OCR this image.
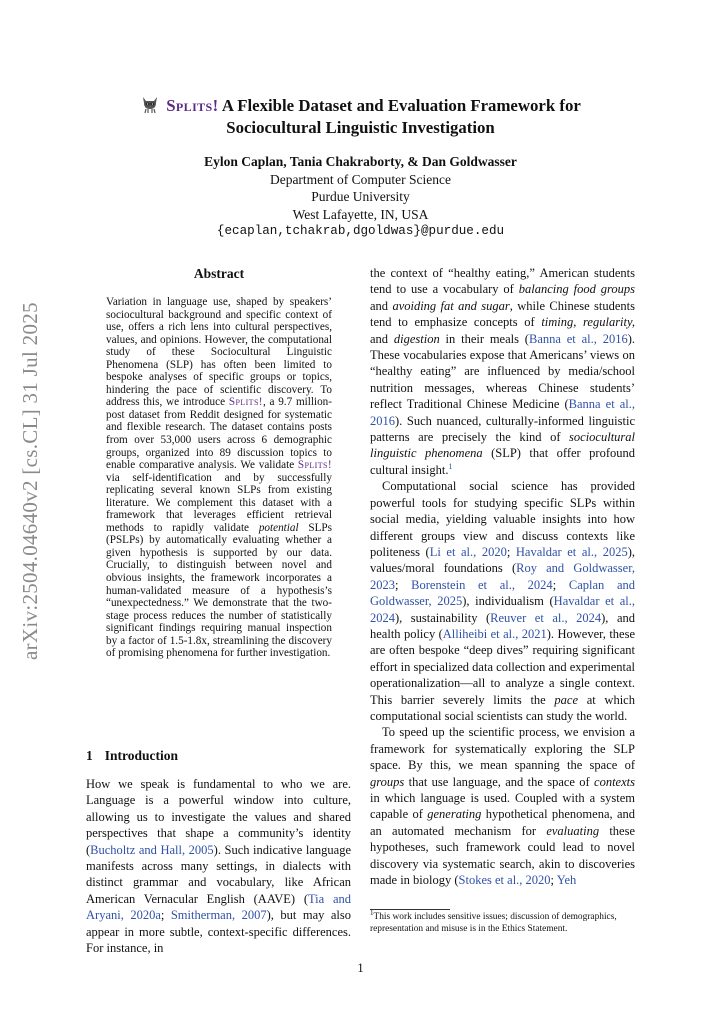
arXiv:2504.04640v2 [cs.CL] 31 Jul 2025
Splits! A Flexible Dataset and Evaluation Framework for
Sociocultural Linguistic Investigation
Eylon Caplan, Tania Chakraborty, & Dan Goldwasser
Department of Computer Science
Purdue University
West Lafayette, IN, USA
{ecaplan,tchakrab,dgoldwas}@purdue.edu
Abstract
Variation in language use, shaped by speakers’ sociocultural background and specific context of use, offers a rich lens into cultural perspectives, values, and opinions. However, the computational study of these Sociocultural Linguistic Phenomena (SLP) has often been limited to bespoke analyses of specific groups or topics, hindering the pace of scientific discovery. To address this, we introduce Splits!, a 9.7 million-post dataset from Reddit designed for systematic and flexible research. The dataset contains posts from over 53,000 users across 6 demographic groups, organized into 89 discussion topics to enable comparative analysis. We validate Splits! via self-identification and by successfully replicating several known SLPs from existing literature. We complement this dataset with a framework that leverages efficient retrieval methods to rapidly validate potential SLPs (PSLPs) by automatically evaluating whether a given hypothesis is supported by our data. Crucially, to distinguish between novel and obvious insights, the framework incorporates a human-validated measure of a hypothesis’s “unexpectedness.” We demonstrate that the two-stage process reduces the number of statistically significant findings requiring manual inspection by a factor of 1.5-1.8x, streamlining the discovery of promising phenomena for further investigation.
1 Introduction
How we speak is fundamental to who we are. Language is a powerful window into culture, allowing us to investigate the values and shared perspectives that shape a community’s identity (Bucholtz and Hall, 2005). Such indicative language manifests across many settings, in dialects with distinct grammar and vocabulary, like African American Vernacular English (AAVE) (Tia and Aryani, 2020a; Smitherman, 2007), but may also appear in more subtle, context-specific differences. For instance, in

the context of “healthy eating,” American students tend to use a vocabulary of balancing food groups and avoiding fat and sugar, while Chinese students tend to emphasize concepts of timing, regularity, and digestion in their meals (Banna et al., 2016). These vocabularies expose that Americans’ views on “healthy eating” are influenced by media/school nutrition messages, whereas Chinese students’ reflect Traditional Chinese Medicine (Banna et al., 2016). Such nuanced, culturally-informed linguistic patterns are precisely the kind of sociocultural linguistic phenomena (SLP) that offer profound cultural insight.$^1$

Computational social science has provided powerful tools for studying specific SLPs within social media, yielding valuable insights into how different groups view and discuss contexts like politeness (Li et al., 2020; Havaldar et al., 2025), values/moral foundations (Roy and Goldwasser, 2023; Borenstein et al., 2024; Caplan and Goldwasser, 2025), individualism (Havaldar et al., 2024), sustainability (Reuver et al., 2024), and health policy (Alliheibi et al., 2021). However, these are often bespoke “deep dives” requiring significant effort in specialized data collection and experimental operationalization—all to analyze a single context. This barrier severely limits the pace at which computational social scientists can study the world.

To speed up the scientific process, we envision a framework for systematically exploring the SLP space. By this, we mean spanning the space of groups that use language, and the space of contexts in which language is used. Coupled with a system capable of generating hypothetical phenomena, and an automated mechanism for evaluating these hypotheses, such framework could lead to novel discovery via systematic search, akin to discoveries made in biology (Stokes et al., 2020; Yeh

$^1$This work includes sensitive issues; discussion of demographics, representation and misuse is in the Ethics Statement.
1
